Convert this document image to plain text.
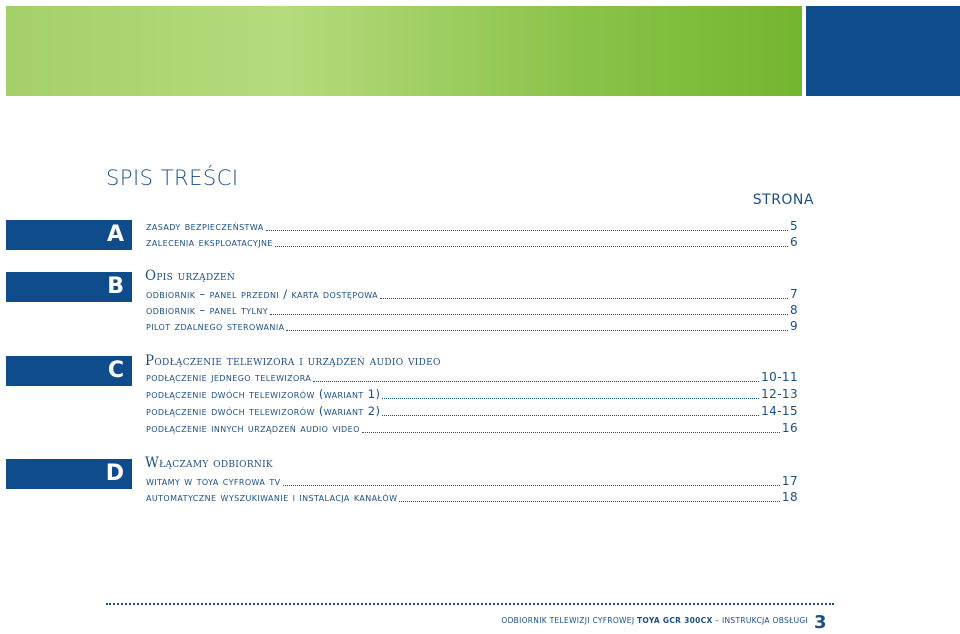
SPIS TREŚCI
STRONA
A	zasady bezpieczeństwa	5
zalecenia eksploatacyjne	6
B	Opis urządzeń
odbiornik – panel przedni / karta dostępowa	7
odbiornik – panel tylny	8
pilot zdalnego sterowania	9
C	Podłączenie telewizora i urządzeń audio video
podłączenie jednego telewizora	10-11
podłączenie dwóch telewizorów (wariant 1)	12-13
podłączenie dwóch telewizorów (wariant 2)	14-15
podłączenie innych urządzeń audio video	16
D	Włączamy odbiornik
witamy w toya cyfrowa tv	17
automatyczne wyszukiwanie i instalacja kanałów	18
ODBIORNIK TELEWIZJI CYFROWEJ TOYA GCR 300CX – INSTRUKCJA OBSŁUGI 3
